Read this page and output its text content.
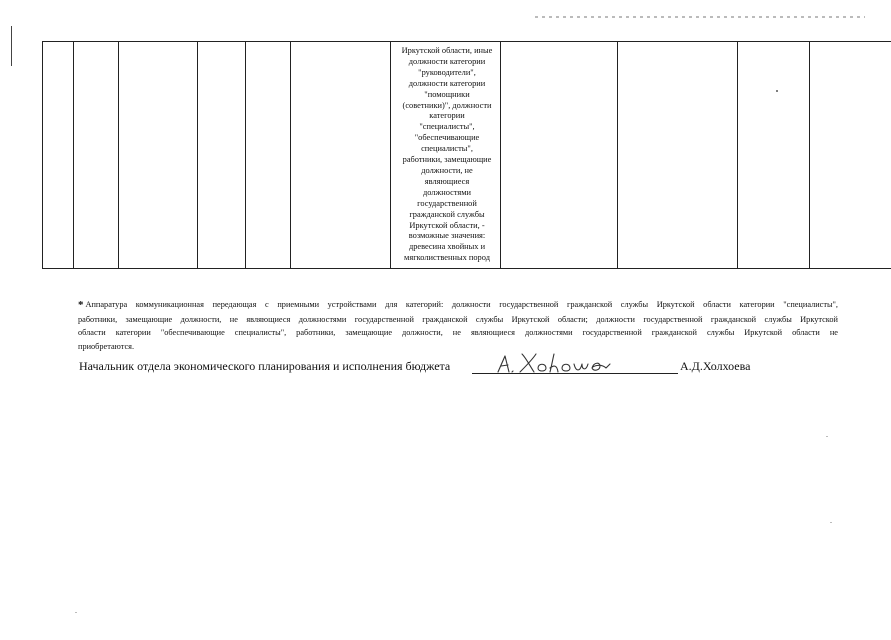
Иркутской области, иные
должности категории
"руководители",
должности категории
"помощники
(советники)", должности
категории
"специалисты",
"обеспечивающие
специалисты",
работники, замещающие
должности, не
являющиеся
должностями
государственной
гражданской службы
Иркутской области, -
возможные значения:
древесина хвойных и
мягколиственных пород

* Аппаратура коммуникационная передающая с приемными устройствами для категорий: должности государственной гражданской службы Иркутской области категории "специалисты",
работники, замещающие должности, не являющиеся должностями государственной гражданской службы Иркутской области; должности государственной гражданской службы Иркутской
области категории "обеспечивающие специалисты", работники, замещающие должности, не являющиеся должностями государственной гражданской службы Иркутской области не
приобретаются.

Начальник отдела экономического планирования и исполнения бюджета	А.Д.Холхоева
